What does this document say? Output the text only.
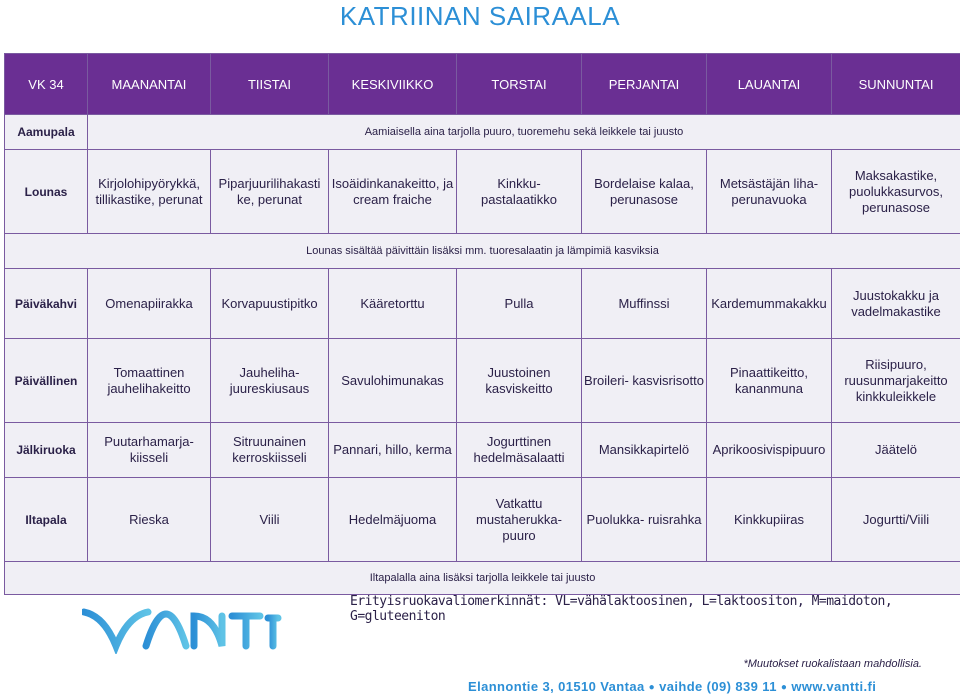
KATRIINAN SAIRAALA
VK 34	MAANANTAI	TIISTAI	KESKIVIIKKO	TORSTAI	PERJANTAI	LAUANTAI	SUNNUNTAI
Aamupala	Aamiaisella aina tarjolla puuro, tuoremehu sekä leikkele tai juusto						
Lounas	Kirjolohipyörykkä, tillikastike, perunat	Piparjuurilihakasti ke, perunat	Isoäidinkanakeitto, ja cream fraiche	Kinkku- pastalaatikko	Bordelaise kalaa, perunasose	Metsästäjän liha- perunavuoka	Maksakastike, puolukkasurvos, perunasose
Lounas sisältää päivittäin lisäksi mm. tuoresalaatin ja lämpimiä kasviksia							
Päiväkahvi	Omenapiirakka	Korvapuustipitko	Kääretorttu	Pulla	Muffinssi	Kardemummakakku	Juustokakku ja vadelmakastike
Päivällinen	Tomaattinen jauhelihakeitto	Jauheliha- juureskiusaus	Savulohimunakas	Juustoinen kasviskeitto	Broileri- kasvisrisotto	Pinaattikeitto, kananmuna	Riisipuuro, ruusunmarjakeitto kinkkuleikkele
Jälkiruoka	Puutarhamarja- kiisseli	Sitruunainen kerroskiisseli	Pannari, hillo, kerma	Jogurttinen hedelmäsalaatti	Mansikkapirtelö	Aprikoosivispipuuro	Jäätelö
Iltapala	Rieska	Viili	Hedelmäjuoma	Vatkattu mustaherukka- puuro	Puolukka- ruisrahka	Kinkkupiiras	Jogurtti/Viili
Iltapalalla aina lisäksi tarjolla leikkele tai juusto							
Erityisruokavaliomerkinnät: VL=vähälaktoosinen, L=laktoositon, M=maidoton, G=gluteeniton
*Muutokset ruokalistaan mahdollisia.
Elannontie 3, 01510 Vantaa ● vaihde (09) 839 11 ● www.vantti.fi
